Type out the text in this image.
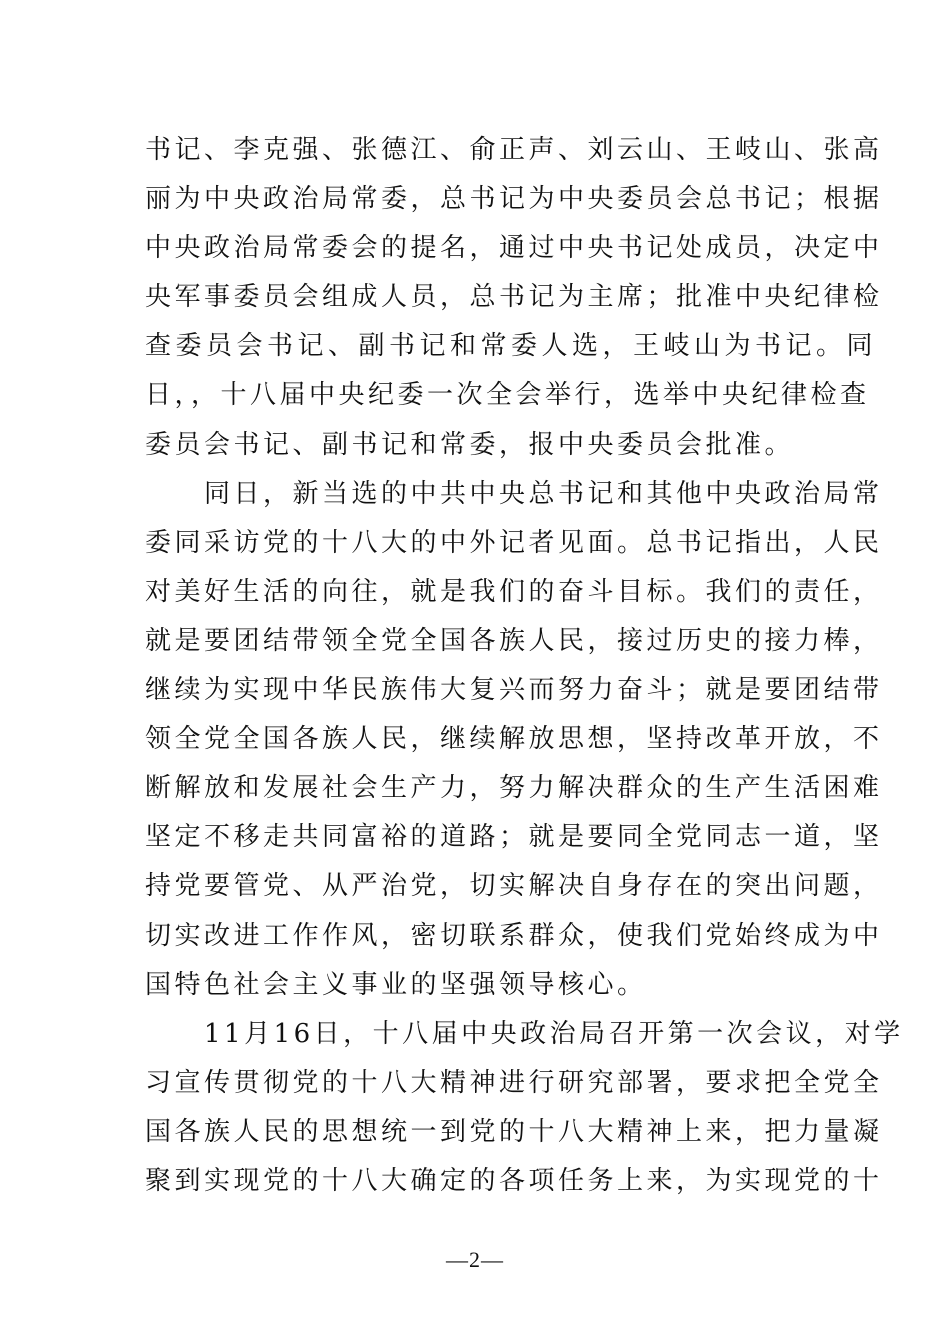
书记、李克强、张德江、俞正声、刘云山、王岐山、张高
丽为中央政治局常委，总书记为中央委员会总书记；根据
中央政治局常委会的提名，通过中央书记处成员，决定中
央军事委员会组成人员，总书记为主席；批准中央纪律检
查委员会书记、副书记和常委人选，王岐山为书记。同
日，，十八届中央纪委一次全会举行，选举中央纪律检查
委员会书记、副书记和常委，报中央委员会批准。
　　同日，新当选的中共中央总书记和其他中央政治局常
委同采访党的十八大的中外记者见面。总书记指出，人民
对美好生活的向往，就是我们的奋斗目标。我们的责任，
就是要团结带领全党全国各族人民，接过历史的接力棒，
继续为实现中华民族伟大复兴而努力奋斗；就是要团结带
领全党全国各族人民，继续解放思想，坚持改革开放，不
断解放和发展社会生产力，努力解决群众的生产生活困难
坚定不移走共同富裕的道路；就是要同全党同志一道，坚
持党要管党、从严治党，切实解决自身存在的突出问题，
切实改进工作作风，密切联系群众，使我们党始终成为中
国特色社会主义事业的坚强领导核心。
　　11月16日，十八届中央政治局召开第一次会议，对学
习宣传贯彻党的十八大精神进行研究部署，要求把全党全
国各族人民的思想统一到党的十八大精神上来，把力量凝
聚到实现党的十八大确定的各项任务上来，为实现党的十
—2—
